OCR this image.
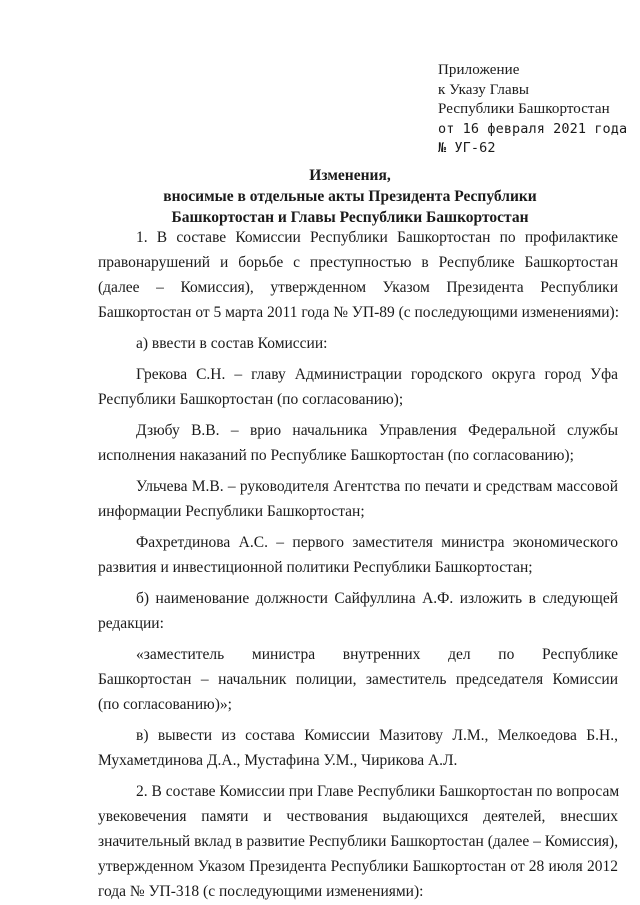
Приложение
к Указу Главы
Республики Башкортостан
от 16 февраля 2021 года
№ УГ-62
Изменения,
вносимые в отдельные акты Президента Республики
Башкортостан и Главы Республики Башкортостан
1. В составе Комиссии Республики Башкортостан по профилактике
правонарушений и борьбе с преступностью в Республике Башкортостан
(далее – Комиссия), утвержденном Указом Президента Республики
Башкортостан от 5 марта 2011 года № УП-89 (с последующими изменениями):
а) ввести в состав Комиссии:
Грекова С.Н. – главу Администрации городского округа город Уфа
Республики Башкортостан (по согласованию);
Дзюбу В.В. – врио начальника Управления Федеральной службы
исполнения наказаний по Республике Башкортостан (по согласованию);
Ульчева М.В. – руководителя Агентства по печати и средствам массовой
информации Республики Башкортостан;
Фахретдинова А.С. – первого заместителя министра экономического
развития и инвестиционной политики Республики Башкортостан;
б) наименование должности Сайфуллина А.Ф. изложить в следующей
редакции:
«заместитель министра внутренних дел по Республике
Башкортостан – начальник полиции, заместитель председателя Комиссии
(по согласованию)»;
в) вывести из состава Комиссии Мазитову Л.М., Мелкоедова Б.Н.,
Мухаметдинова Д.А., Мустафина У.М., Чирикова А.Л.
2. В составе Комиссии при Главе Республики Башкортостан по вопросам
увековечения памяти и чествования выдающихся деятелей, внесших
значительный вклад в развитие Республики Башкортостан (далее – Комиссия),
утвержденном Указом Президента Республики Башкортостан от 28 июля 2012
года № УП-318 (с последующими изменениями):
